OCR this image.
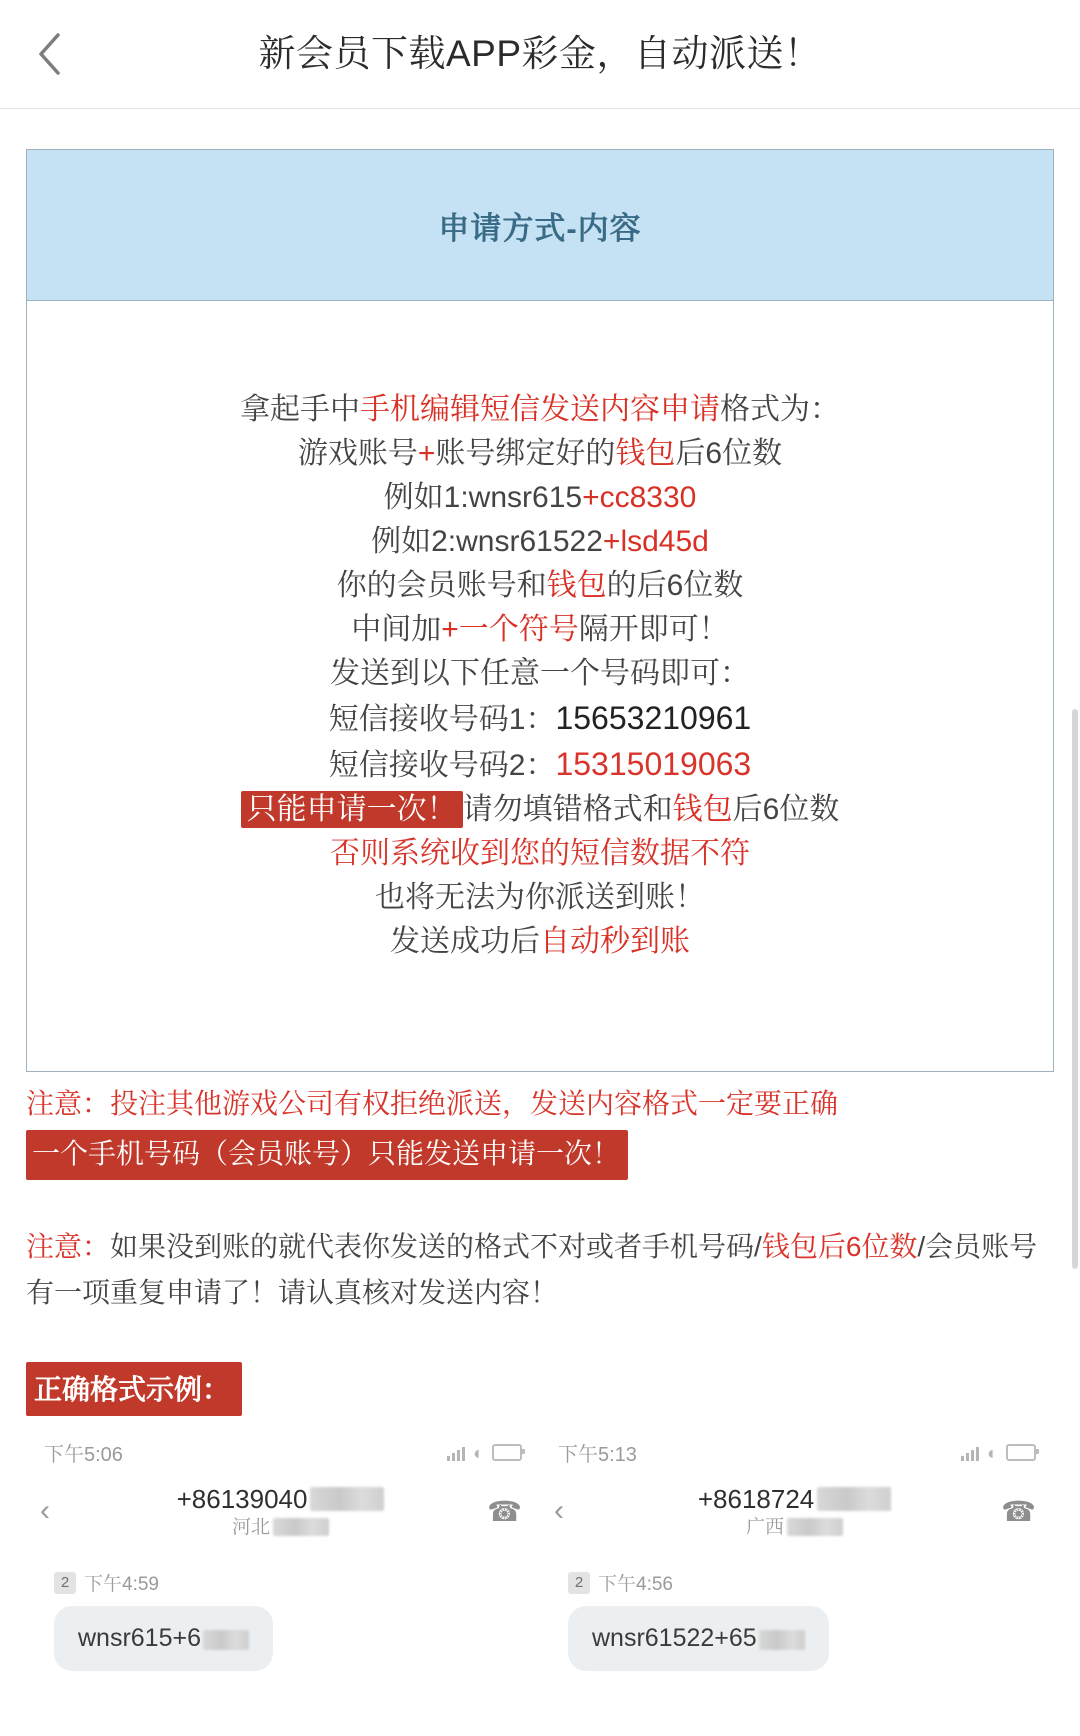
新会员下载APP彩金，自动派送！
申请方式-内容
拿起手中手机编辑短信发送内容申请格式为：
游戏账号+账号绑定好的钱包后6位数
例如1:wnsr615+cc8330
例如2:wnsr61522+lsd45d
你的会员账号和钱包的后6位数
中间加+一个符号隔开即可！
发送到以下任意一个号码即可：
短信接收号码1：15653210961
短信接收号码2：15315019063
只能申请一次！ 请勿填错格式和钱包后6位数
否则系统收到您的短信数据不符
也将无法为你派送到账！
发送成功后自动秒到账
注意：投注其他游戏公司有权拒绝派送，发送内容格式一定要正确
一个手机号码（会员账号）只能发送申请一次！
注意：如果没到账的就代表你发送的格式不对或者手机号码/钱包后6位数/会员账号有一项重复申请了！请认真核对发送内容！
正确格式示例：
下午5:06	◐
‹	+86139040

河北
☎
2 下午4:59
wnsr615+6
下午5:13	◐
‹	+8618724

广西
☎
2 下午4:56
wnsr61522+65
